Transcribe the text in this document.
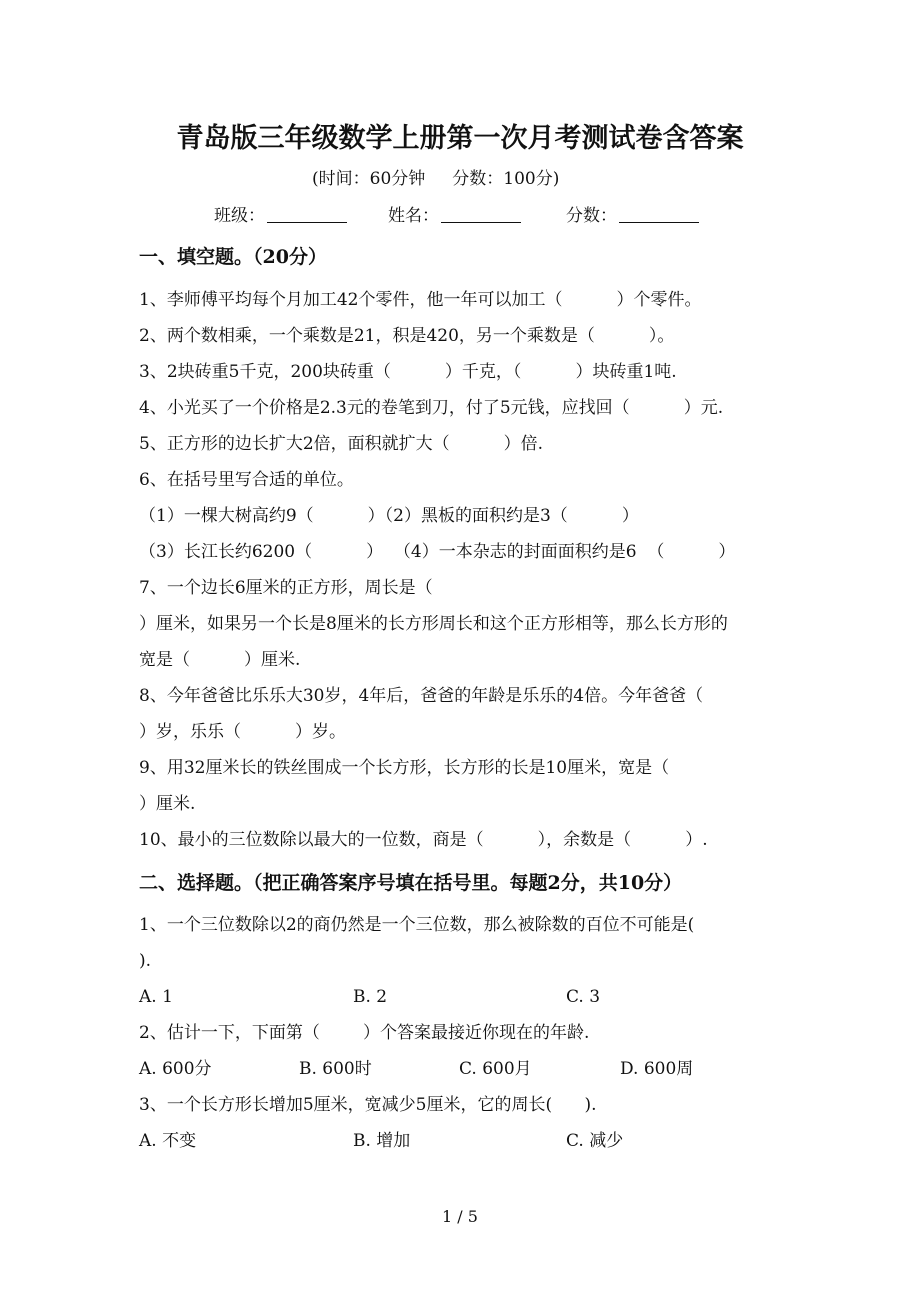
青岛版三年级数学上册第一次月考测试卷含答案
(时间：60分钟     分数：100分)
班级：	姓名：	分数：
一、填空题。（20分）
1、李师傅平均每个月加工42个零件，他一年可以加工（          ）个零件。
2、两个数相乘，一个乘数是21，积是420，另一个乘数是（          ）。
3、2块砖重5千克，200块砖重（          ）千克，（          ）块砖重1吨.
4、小光买了一个价格是2.3元的卷笔到刀，付了5元钱，应找回（          ）元.
5、正方形的边长扩大2倍，面积就扩大（          ）倍.
6、在括号里写合适的单位。
（1）一棵大树高约9（          ）（2）黑板的面积约是3（          ）
（3）长江长约6200（          ）  （4）一本杂志的封面面积约是6  （          ）
7、一个边长6厘米的正方形，周长是（
）厘米，如果另一个长是8厘米的长方形周长和这个正方形相等，那么长方形的
宽是（          ）厘米.
8、今年爸爸比乐乐大30岁，4年后，爸爸的年龄是乐乐的4倍。今年爸爸（
）岁，乐乐（          ）岁。
9、用32厘米长的铁丝围成一个长方形，长方形的长是10厘米，宽是（
）厘米.
10、最小的三位数除以最大的一位数，商是（          ），余数是（          ）.
二、选择题。（把正确答案序号填在括号里。每题2分，共10分）
1、一个三位数除以2的商仍然是一个三位数，那么被除数的百位不可能是(
).
A. 1	B. 2	C. 3
2、估计一下，下面第（        ）个答案最接近你现在的年龄.
A. 600分	B. 600时	C. 600月	D. 600周
3、一个长方形长增加5厘米，宽减少5厘米，它的周长(      ).
A. 不变	B. 增加	C. 减少
1 / 5
